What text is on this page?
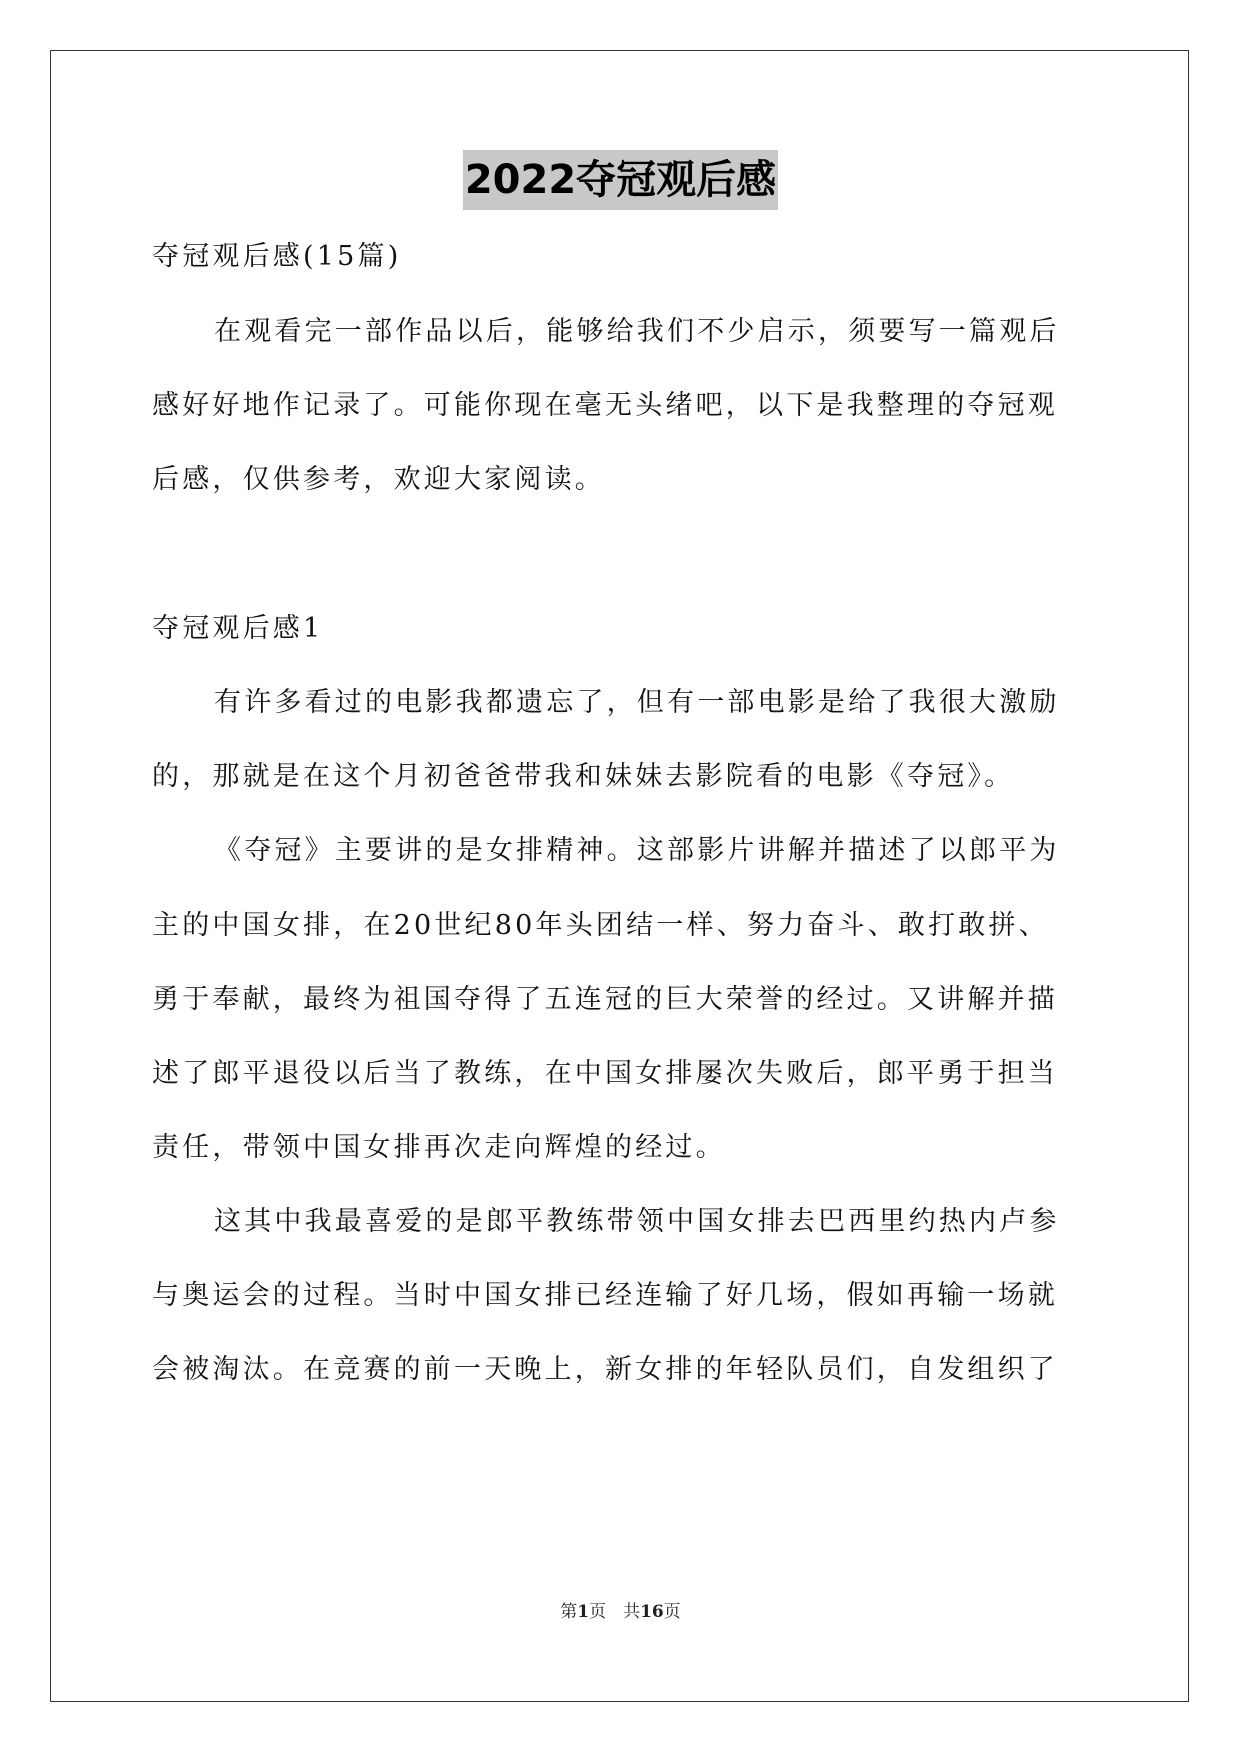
2022夺冠观后感
夺冠观后感(15篇)
在观看完一部作品以后，能够给我们不少启示，须要写一篇观后
感好好地作记录了。可能你现在毫无头绪吧，以下是我整理的夺冠观
后感，仅供参考，欢迎大家阅读。
夺冠观后感1
有许多看过的电影我都遗忘了，但有一部电影是给了我很大激励
的，那就是在这个月初爸爸带我和妹妹去影院看的电影《夺冠》。
《夺冠》主要讲的是女排精神。这部影片讲解并描述了以郎平为
主的中国女排，在20世纪80年头团结一样、努力奋斗、敢打敢拼、
勇于奉献，最终为祖国夺得了五连冠的巨大荣誉的经过。又讲解并描
述了郎平退役以后当了教练，在中国女排屡次失败后，郎平勇于担当
责任，带领中国女排再次走向辉煌的经过。
这其中我最喜爱的是郎平教练带领中国女排去巴西里约热内卢参
与奥运会的过程。当时中国女排已经连输了好几场，假如再输一场就
会被淘汰。在竞赛的前一天晚上，新女排的年轻队员们，自发组织了
第1页　共16页
